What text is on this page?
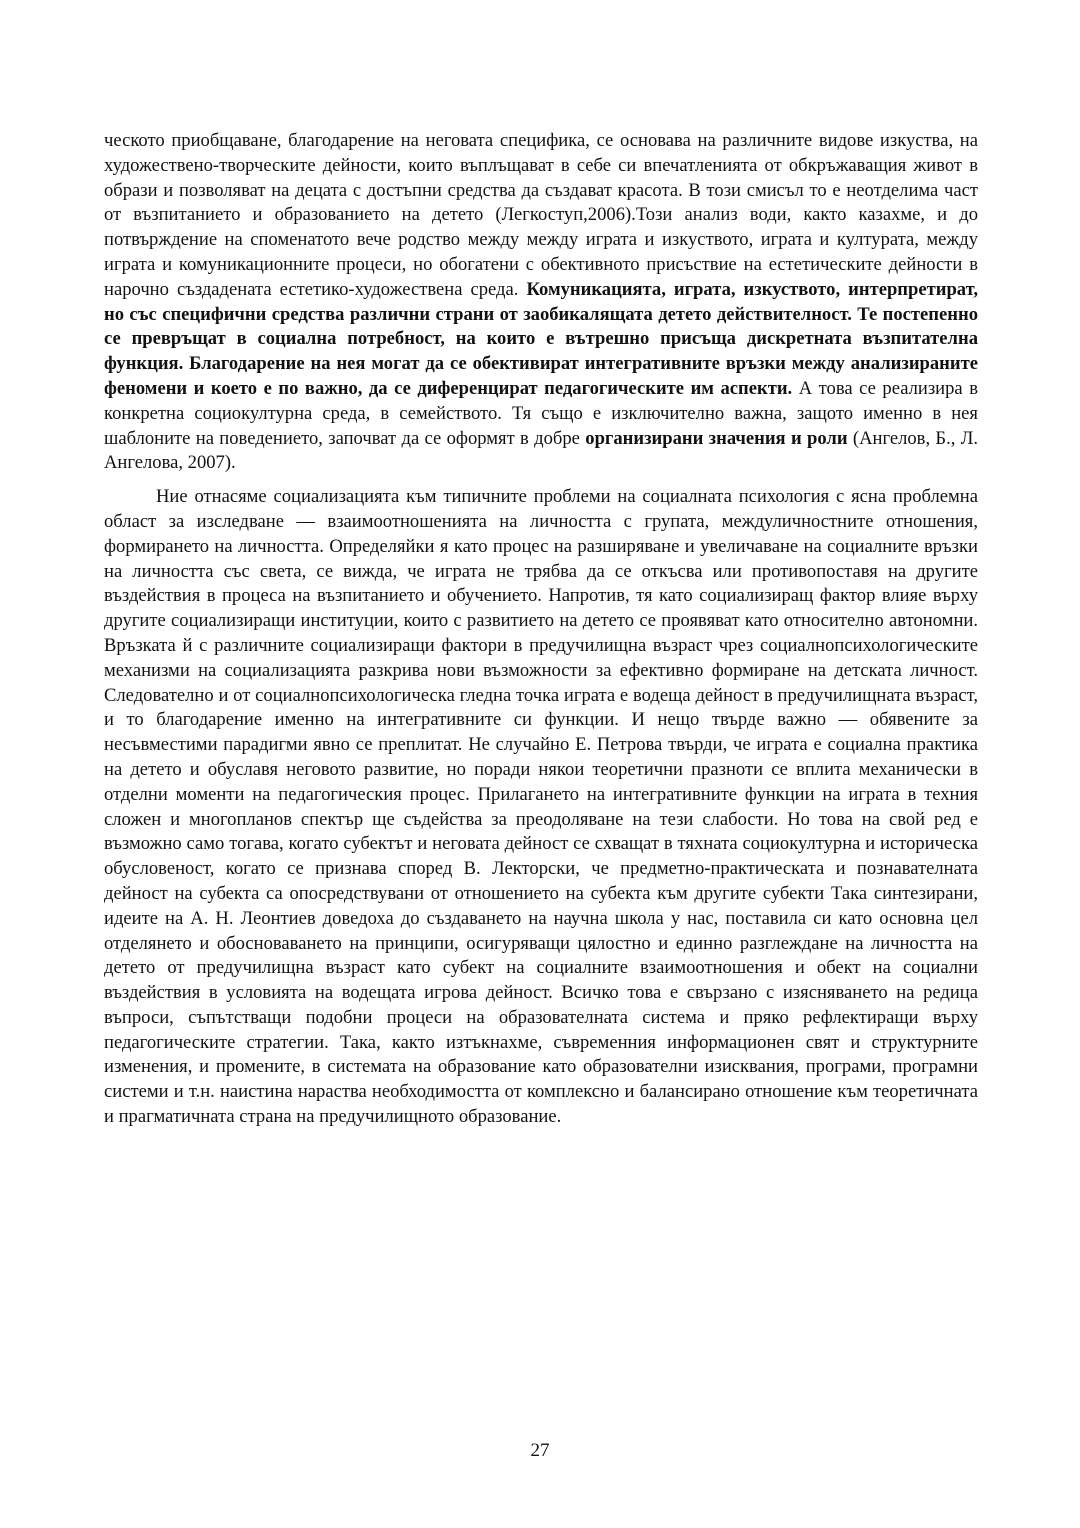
ческото приобщаване, благодарение на неговата специфика, се основава на различните видове изкуства, на художествено-творческите дейности, които въплъщават в себе си впечатленията от обкръжаващия живот в образи и позволяват на децата с достъпни средства да създават красота. В този смисъл то е неотделима част от възпитанието и образованието на детето (Легкоступ,2006).Този анализ води, както казахме, и до потвърждение на споменатото вече родство между между играта и изкуството, играта и културата, между играта и комуникационните процеси, но обогатени с обективното присъствие на естетическите дейности в нарочно създадената естетико-художествена среда. Комуникацията, играта, изкуството, интерпретират, но със специфични средства различни страни от заобикалящата детето действителност. Те постепенно се превръщат в социална потребност, на които е вътрешно присъща дискретната възпитателна функция. Благодарение на нея могат да се обективират интегративните връзки между анализираните феномени и което е по важно, да се диференцират педагогическите им аспекти. А това се реализира в конкретна социокултурна среда, в семейството. Тя също е изключително важна, защото именно в нея шаблоните на поведението, започват да се оформят в добре организирани значения и роли (Ангелов, Б., Л. Ангелова, 2007).

Ние отнасяме социализацията към типичните проблеми на социалната психология с ясна проблемна област за изследване — взаимоотношенията на личността с групата, междуличностните отношения, формирането на личността. Определяйки я като процес на разширяване и увеличаване на социалните връзки на личността със света, се вижда, че играта не трябва да се откъсва или противопоставя на другите въздействия в процеса на възпитанието и обучението. Напротив, тя като социализиращ фактор влияе върху другите социализиращи институции, които с развитието на детето се проявяват като относително автономни. Връзката й с различните социализиращи фактори в предучилищна възраст чрез социалнопсихологическите механизми на социализацията разкрива нови възможности за ефективно формиране на детската личност. Следователно и от социалнопсихологическа гледна точка играта е водеща дейност в предучилищната възраст, и то благодарение именно на интегративните си функции. И нещо твърде важно — обявените за несъвместими парадигми явно се преплитат. Не случайно Е. Петрова твърди, че играта е социална практика на детето и обуславя неговото развитие, но поради някои теоретични празноти се вплита механически в отделни моменти на педагогическия процес. Прилагането на интегративните функции на играта в техния сложен и многопланов спектър ще съдейства за преодоляване на тези слабости. Но това на свой ред е възможно само тогава, когато субектът и неговата дейност се схващат в тяхната социокултурна и историческа обусловеност, когато се признава според В. Лекторски, че предметно-практическата и познавателната дейност на субекта са опосредствувани от отношението на субекта към другите субекти Така синтезирани, идеите на А. Н. Леонтиев доведоха до създаването на научна школа у нас, поставила си като основна цел отделянето и обосноваването на принципи, осигуряващи цялостно и единно разглеждане на личността на детето от предучилищна възраст като субект на социалните взаимоотношения и обект на социални въздействия в условията на водещата игрова дейност. Всичко това е свързано с изясняването на редица въпроси, съпътстващи подобни процеси на образователната система и пряко рефлектиращи върху педагогическите стратегии. Така, както изтъкнахме, съвременния информационен свят и структурните изменения, и промените, в системата на образование като образователни изисквания, програми, програмни системи и т.н. наистина нараства необходимостта от комплексно и балансирано отношение към теоретичната и прагматичната страна на предучилищното образование.

27
